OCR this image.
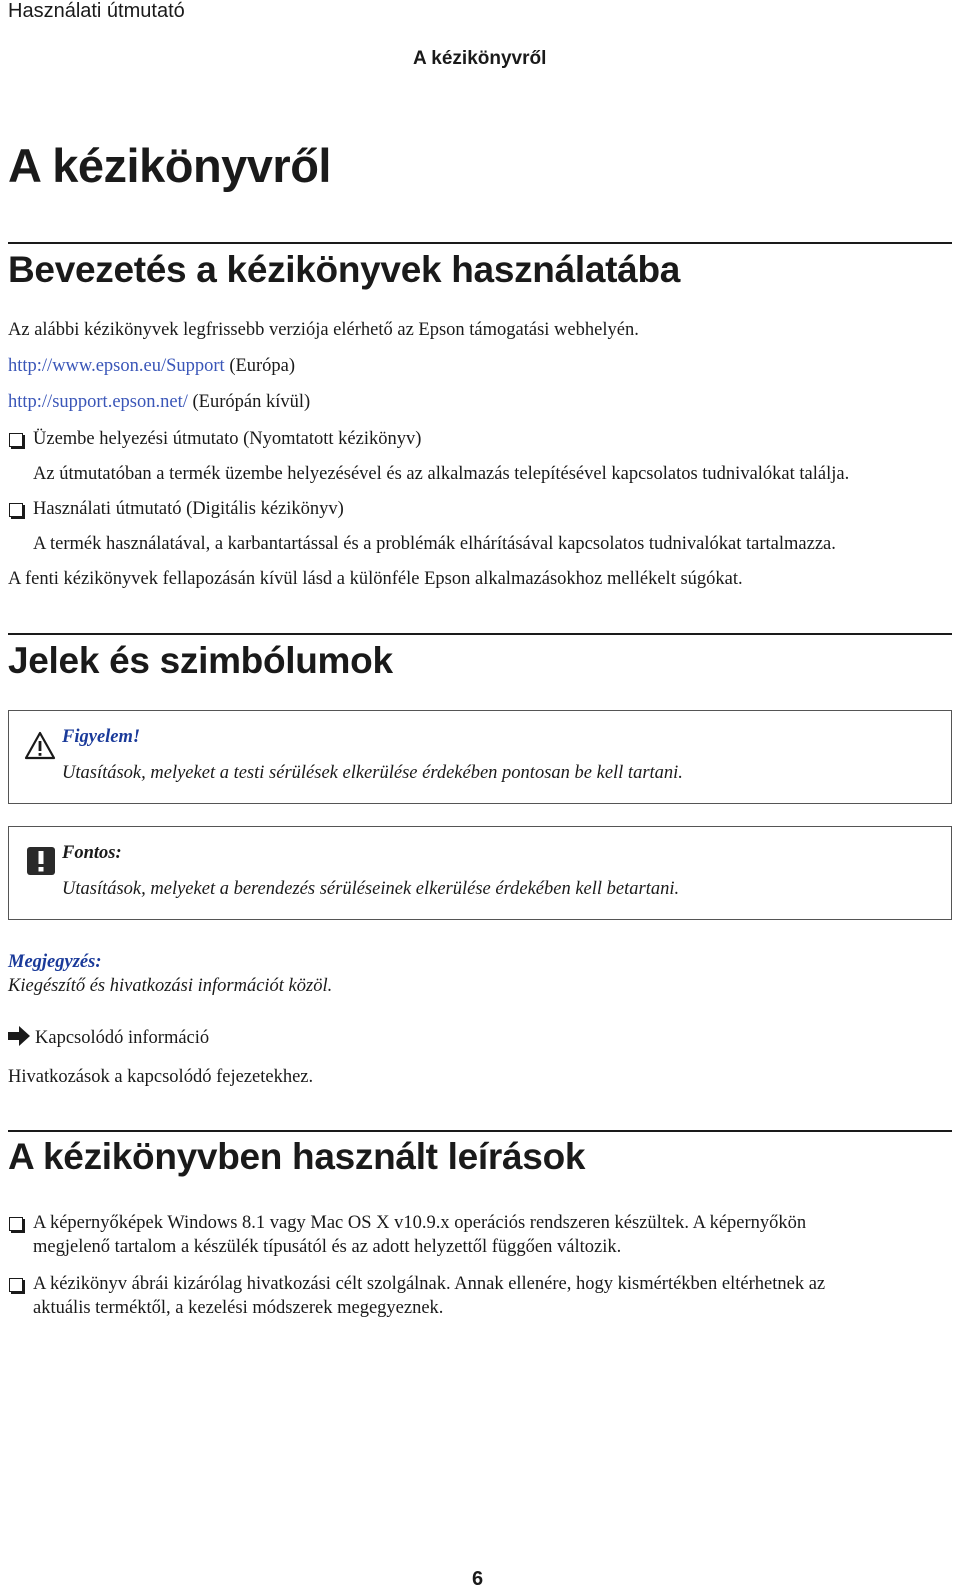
Használati útmutató
A kézikönyvről
A kézikönyvről
Bevezetés a kézikönyvek használatába
Az alábbi kézikönyvek legfrissebb verziója elérhető az Epson támogatási webhelyén.
http://www.epson.eu/Support (Európa)
http://support.epson.net/ (Európán kívül)
Üzembe helyezési útmutato (Nyomtatott kézikönyv)
Az útmutatóban a termék üzembe helyezésével és az alkalmazás telepítésével kapcsolatos tudnivalókat találja.
Használati útmutató (Digitális kézikönyv)
A termék használatával, a karbantartással és a problémák elhárításával kapcsolatos tudnivalókat tartalmazza.
A fenti kézikönyvek fellapozásán kívül lásd a különféle Epson alkalmazásokhoz mellékelt súgókat.
Jelek és szimbólumok
Figyelem!
Utasítások, melyeket a testi sérülések elkerülése érdekében pontosan be kell tartani.
Fontos:
Utasítások, melyeket a berendezés sérüléseinek elkerülése érdekében kell betartani.
Megjegyzés:
Kiegészítő és hivatkozási információt közöl.
Kapcsolódó információ
Hivatkozások a kapcsolódó fejezetekhez.
A kézikönyvben használt leírások
A képernyőképek Windows 8.1 vagy Mac OS X v10.9.x operációs rendszeren készültek. A képernyőkön
megjelenő tartalom a készülék típusától és az adott helyzettől függően változik.
A kézikönyv ábrái kizárólag hivatkozási célt szolgálnak. Annak ellenére, hogy kismértékben eltérhetnek az
aktuális terméktől, a kezelési módszerek megegyeznek.
6
